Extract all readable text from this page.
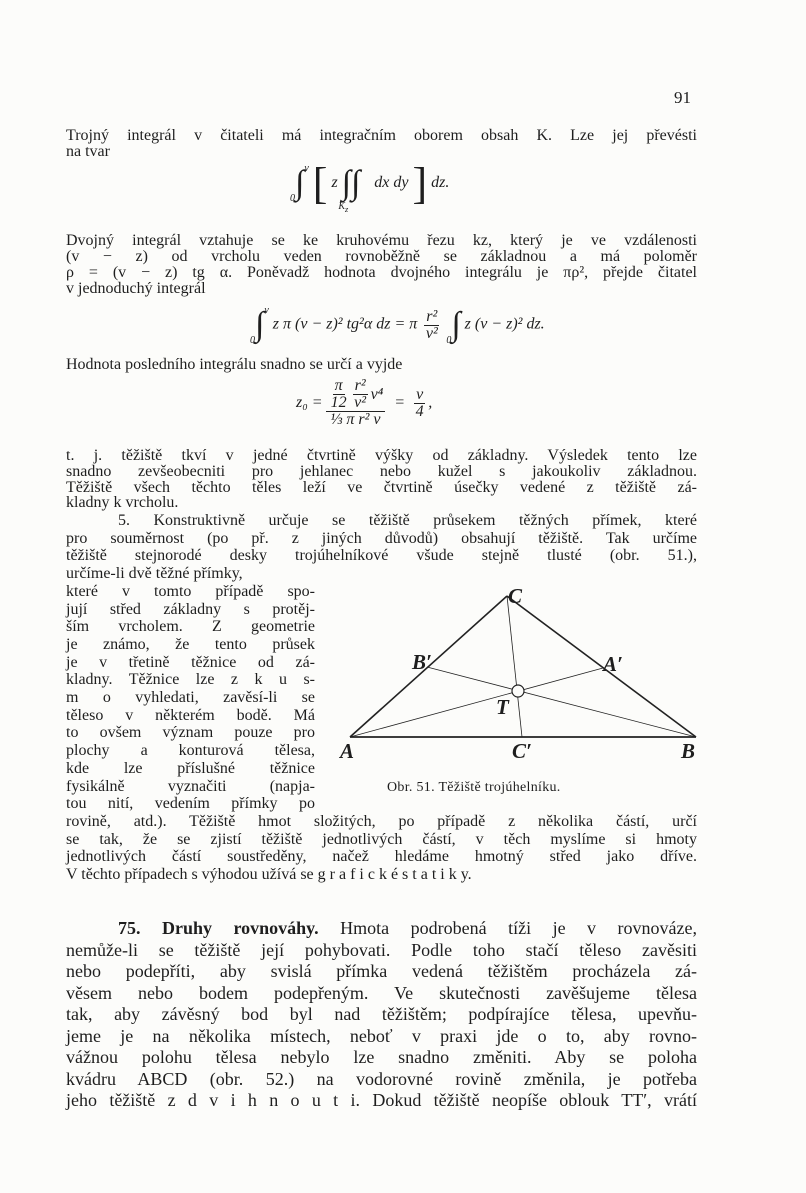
91
Trojný integrál v čitateli má integračním oborem obsah K. Lze jej převésti
na tvar
Dvojný integrál vztahuje se ke kruhovému řezu kz, který je ve vzdálenosti
(v − z) od vrcholu veden rovnoběžně se základnou a má poloměr
ρ = (v − z) tg α. Poněvadž hodnota dvojného integrálu je πρ², přejde čitatel
v jednoduchý integrál
Hodnota posledního integrálu snadno se určí a vyjde
t. j. těžiště tkví v jedné čtvrtině výšky od základny. Výsledek tento lze
snadno zevšeobecniti pro jehlanec nebo kužel s jakoukoliv základnou.
Těžiště všech těchto těles leží ve čtvrtině úsečky vedené z těžiště zá-
kladny k vrcholu.
5. Konstruktivně určuje se těžiště průsekem těžných přímek, které
pro souměrnost (po př. z jiných důvodů) obsahují těžiště. Tak určíme
těžiště stejnorodé desky trojúhelníkové všude stejně tlusté (obr. 51.),
určíme-li dvě těžné přímky,
které v tomto případě spo-
jují střed základny s protěj-
ším vrcholem. Z geometrie
je známo, že tento průsek
je v třetině těžnice od zá-
kladny. Těžnice lze z k u s-
m o vyhledati, zavěsí-li se
těleso v některém bodě. Má
to ovšem význam pouze pro
plochy a konturová tělesa,
kde lze příslušné těžnice
fysikálně vyznačiti (napja-
tou nití, vedením přímky po
rovině, atd.). Těžiště hmot složitých, po případě z několika částí, určí
se tak, že se zjistí těžiště jednotlivých částí, v těch myslíme si hmoty
jednotlivých částí soustředěny, načež hledáme hmotný střed jako dříve.
V těchto případech s výhodou užívá se g r a f i c k é s t a t i k y.
75. Druhy rovnováhy. Hmota podrobená tíži je v rovnováze,
nemůže-li se těžiště její pohybovati. Podle toho stačí těleso zavěsiti
nebo podepříti, aby svislá přímka vedená těžištěm procházela zá-
věsem nebo bodem podepřeným. Ve skutečnosti zavěšujeme tělesa
tak, aby závěsný bod byl nad těžištěm; podpírajíce tělesa, upevňu-
jeme je na několika místech, neboť v praxi jde o to, aby rovno-
vážnou polohu tělesa nebylo lze snadno změniti. Aby se poloha
kvádru ABCD (obr. 52.) na vodorovné rovině změnila, je potřeba
jeho těžiště z d v i h n o u t i. Dokud těžiště neopíše oblouk TT′, vrátí
$_0$∫$^v$ [ z $\int\int_{K_z}$ dx dy ] dz.
$_0$∫$^v$ z π (v − z)² tg²α dz = π $\frac{\text{r²}}{\text{v²}} _0\int$ z (v − z)² dz.
$z_0 = \frac{\frac{\pi}{12} \frac{\text{r²}}{\text{v²}} v^4}{\text{⅓ π r² v}} = \frac{v}{4}$ ,
C
B′	A′
T
A	C′	B
Obr. 51. Těžiště trojúhelníku.
